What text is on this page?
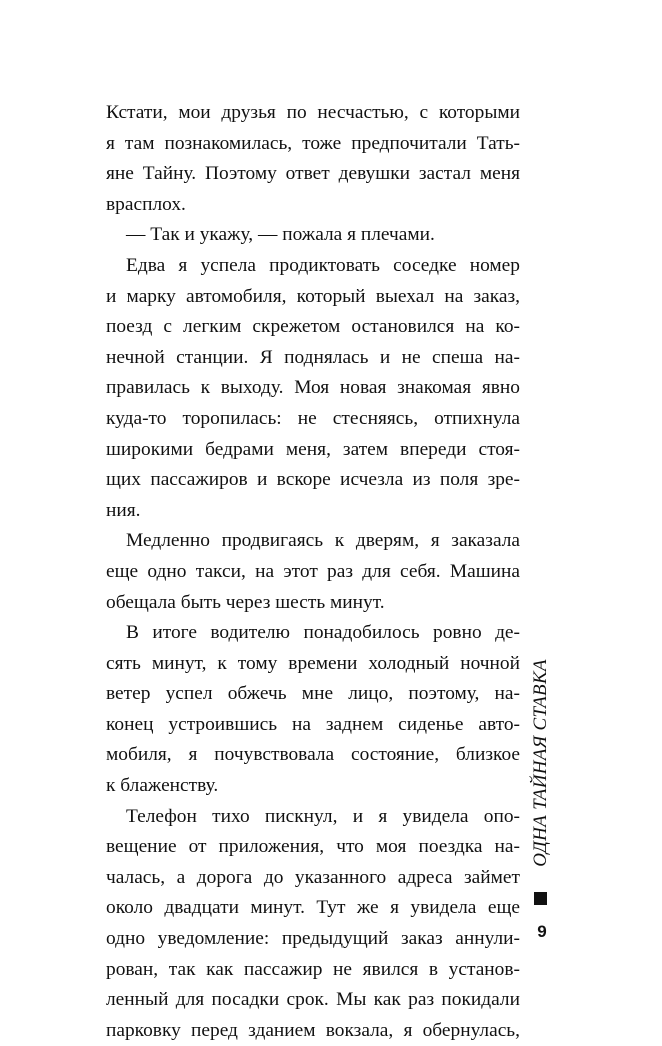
Кстати, мои друзья по несчастью, с которыми
я там познакомилась, тоже предпочитали Тать-
яне Тайну. Поэтому ответ девушки застал меня
врасплох.
— Так и укажу, — пожала я плечами.
Едва я успела продиктовать соседке номер
и марку автомобиля, который выехал на заказ,
поезд с легким скрежетом остановился на ко-
нечной станции. Я поднялась и не спеша на-
правилась к выходу. Моя новая знакомая явно
куда-то торопилась: не стесняясь, отпихнула
широкими бедрами меня, затем впереди стоя-
щих пассажиров и вскоре исчезла из поля зре-
ния.
Медленно продвигаясь к дверям, я заказала
еще одно такси, на этот раз для себя. Машина
обещала быть через шесть минут.
В итоге водителю понадобилось ровно де-
сять минут, к тому времени холодный ночной
ветер успел обжечь мне лицо, поэтому, на-
конец устроившись на заднем сиденье авто-
мобиля, я почувствовала состояние, близкое
к блаженству.
Телефон тихо пискнул, и я увидела опо-
вещение от приложения, что моя поездка на-
чалась, а дорога до указанного адреса займет
около двадцати минут. Тут же я увидела еще
одно уведомление: предыдущий заказ аннули-
рован, так как пассажир не явился в установ-
ленный для посадки срок. Мы как раз покидали
парковку перед зданием вокзала, я обернулась,
ОДНА ТАЙНАЯ СТАВКА
9
